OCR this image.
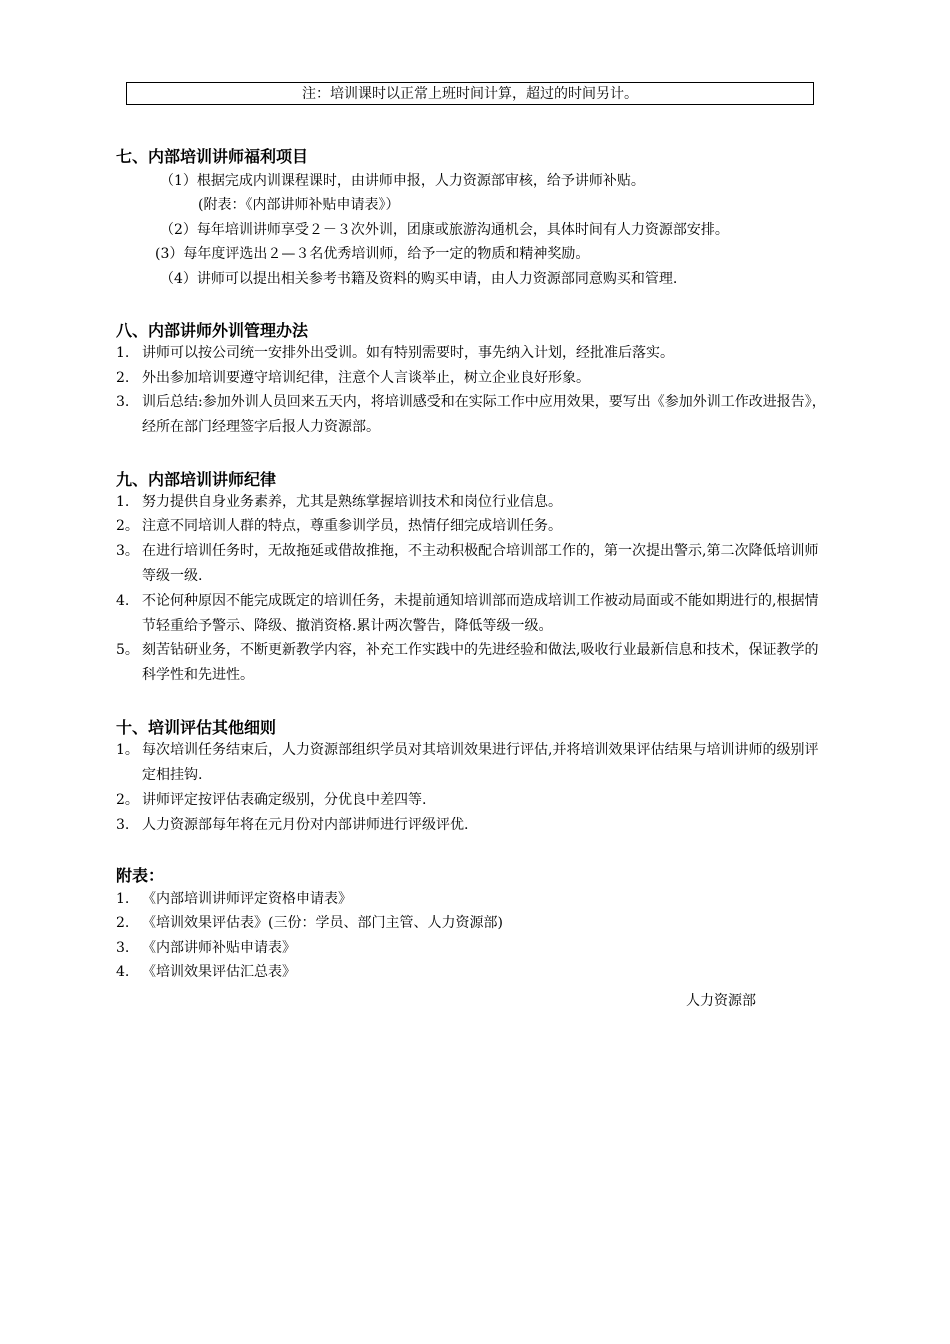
注：培训课时以正常上班时间计算，超过的时间另计。
七、内部培训讲师福利项目

（1）根据完成内训课程课时，由讲师申报，人力资源部审核，给予讲师补贴。

(附表：《内部讲师补贴申请表》）

（2）每年培训讲师享受２－３次外训，团康或旅游沟通机会，具体时间有人力资源部安排。

(3）每年度评选出２—３名优秀培训师，给予一定的物质和精神奖励。

（4）讲师可以提出相关参考书籍及资料的购买申请，由人力资源部同意购买和管理.

八、内部讲师外训管理办法
1. 讲师可以按公司统一安排外出受训。如有特别需要时，事先纳入计划，经批准后落实。
2. 外出参加培训要遵守培训纪律，注意个人言谈举止，树立企业良好形象。
3. 训后总结:参加外训人员回来五天内，将培训感受和在实际工作中应用效果，要写出《参加外训工作改进报告》，经所在部门经理签字后报人力资源部。
九、内部培训讲师纪律
1. 努力提供自身业务素养，尤其是熟练掌握培训技术和岗位行业信息。
2。 注意不同培训人群的特点，尊重参训学员，热情仔细完成培训任务。
3。 在进行培训任务时，无故拖延或借故推拖，不主动积极配合培训部工作的，第一次提出警示,第二次降低培训师等级一级.
4. 不论何种原因不能完成既定的培训任务，未提前通知培训部而造成培训工作被动局面或不能如期进行的,根据情节轻重给予警示、降级、撤消资格.累计两次警告，降低等级一级。
5。 刻苦钻研业务，不断更新教学内容，补充工作实践中的先进经验和做法,吸收行业最新信息和技术，保证教学的科学性和先进性。
十、培训评估其他细则
1。 每次培训任务结束后，人力资源部组织学员对其培训效果进行评估,并将培训效果评估结果与培训讲师的级别评定相挂钩.
2。 讲师评定按评估表确定级别，分优良中差四等.
3. 人力资源部每年将在元月份对内部讲师进行评级评优.
附表：
1. 《内部培训讲师评定资格申请表》
2. 《培训效果评估表》(三份：学员、部门主管、人力资源部)
3. 《内部讲师补贴申请表》
4. 《培训效果评估汇总表》
人力资源部
